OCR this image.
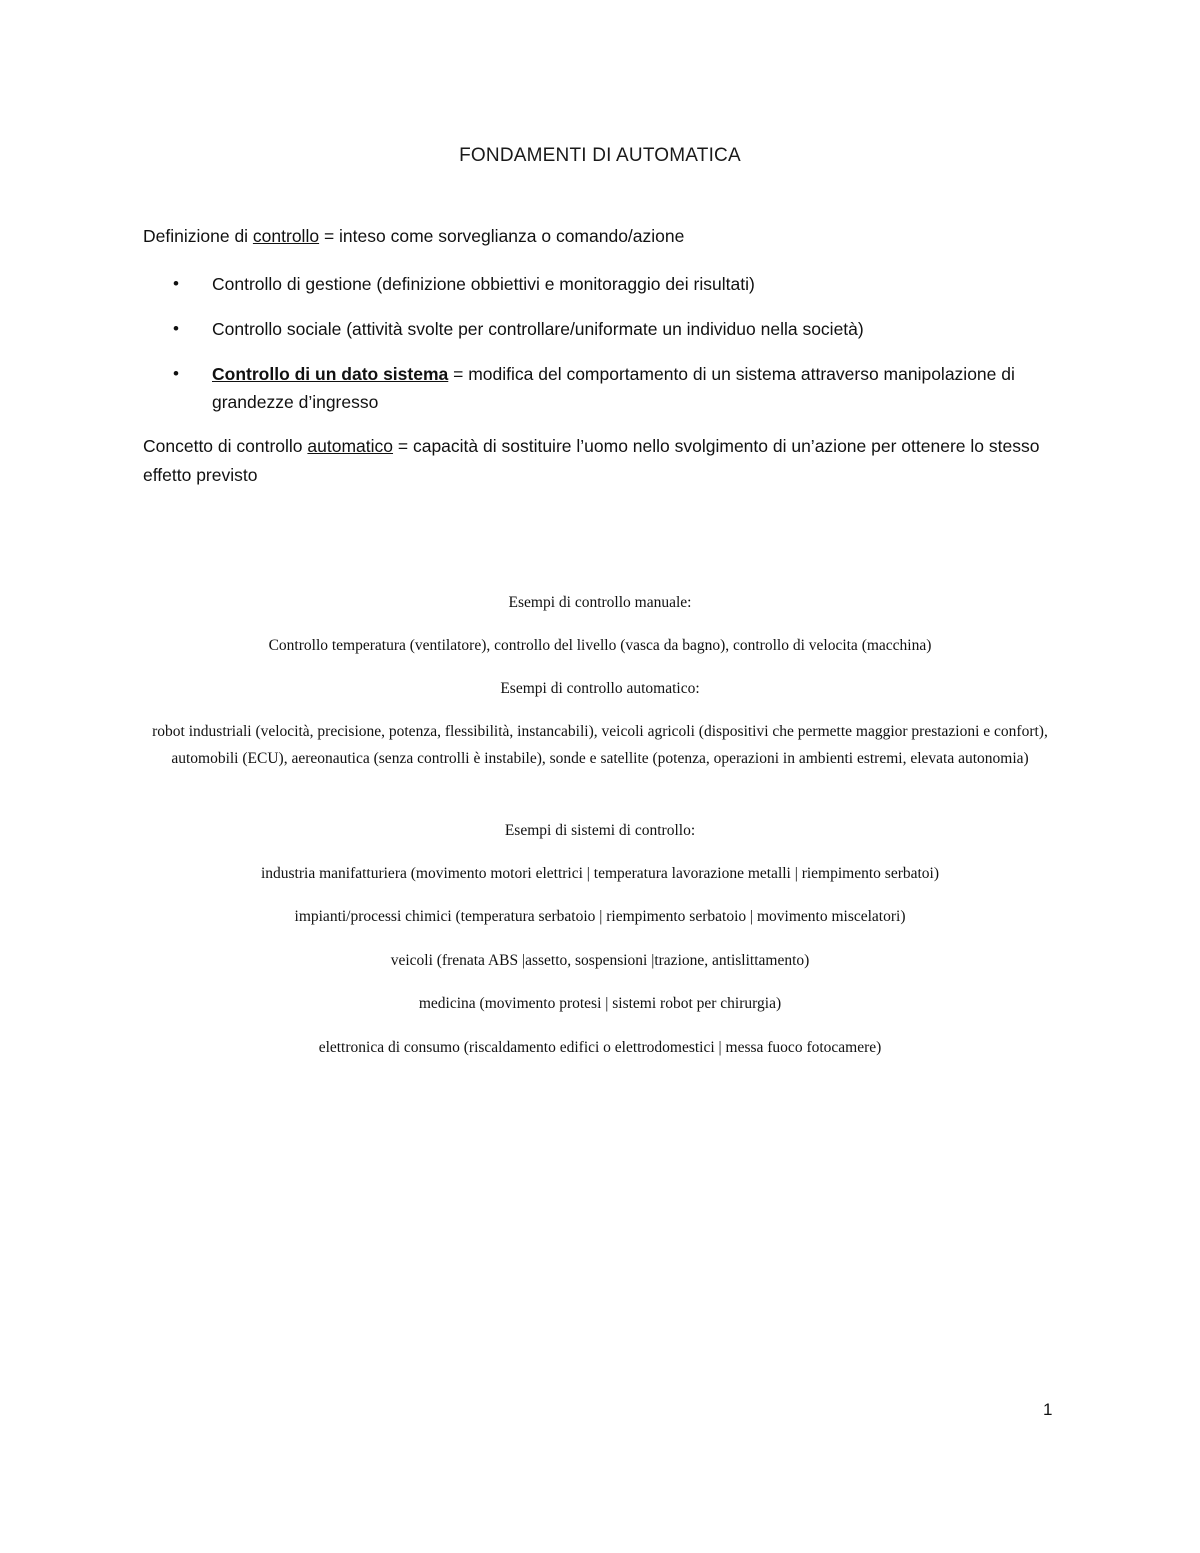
FONDAMENTI DI AUTOMATICA
Definizione di controllo = inteso come sorveglianza o comando/azione
• Controllo di gestione (definizione obbiettivi e monitoraggio dei risultati)
• Controllo sociale (attività svolte per controllare/uniformate un individuo nella società)
• Controllo di un dato sistema = modifica del comportamento di un sistema attraverso manipolazione di grandezze d’ingresso
Concetto di controllo automatico = capacità di sostituire l’uomo nello svolgimento di un’azione per ottenere lo stesso effetto previsto
Esempi di controllo manuale:
Controllo temperatura (ventilatore), controllo del livello (vasca da bagno), controllo di velocita (macchina)
Esempi di controllo automatico:
robot industriali (velocità, precisione, potenza, flessibilità, instancabili), veicoli agricoli (dispositivi che permette maggior prestazioni e confort), automobili (ECU), aereonautica (senza controlli è instabile), sonde e satellite (potenza, operazioni in ambienti estremi, elevata autonomia)
Esempi di sistemi di controllo:
industria manifatturiera (movimento motori elettrici | temperatura lavorazione metalli | riempimento serbatoi)
impianti/processi chimici (temperatura serbatoio | riempimento serbatoio | movimento miscelatori)
veicoli (frenata ABS |assetto, sospensioni |trazione, antislittamento)
medicina (movimento protesi | sistemi robot per chirurgia)
elettronica di consumo (riscaldamento edifici o elettrodomestici | messa fuoco fotocamere)
1
